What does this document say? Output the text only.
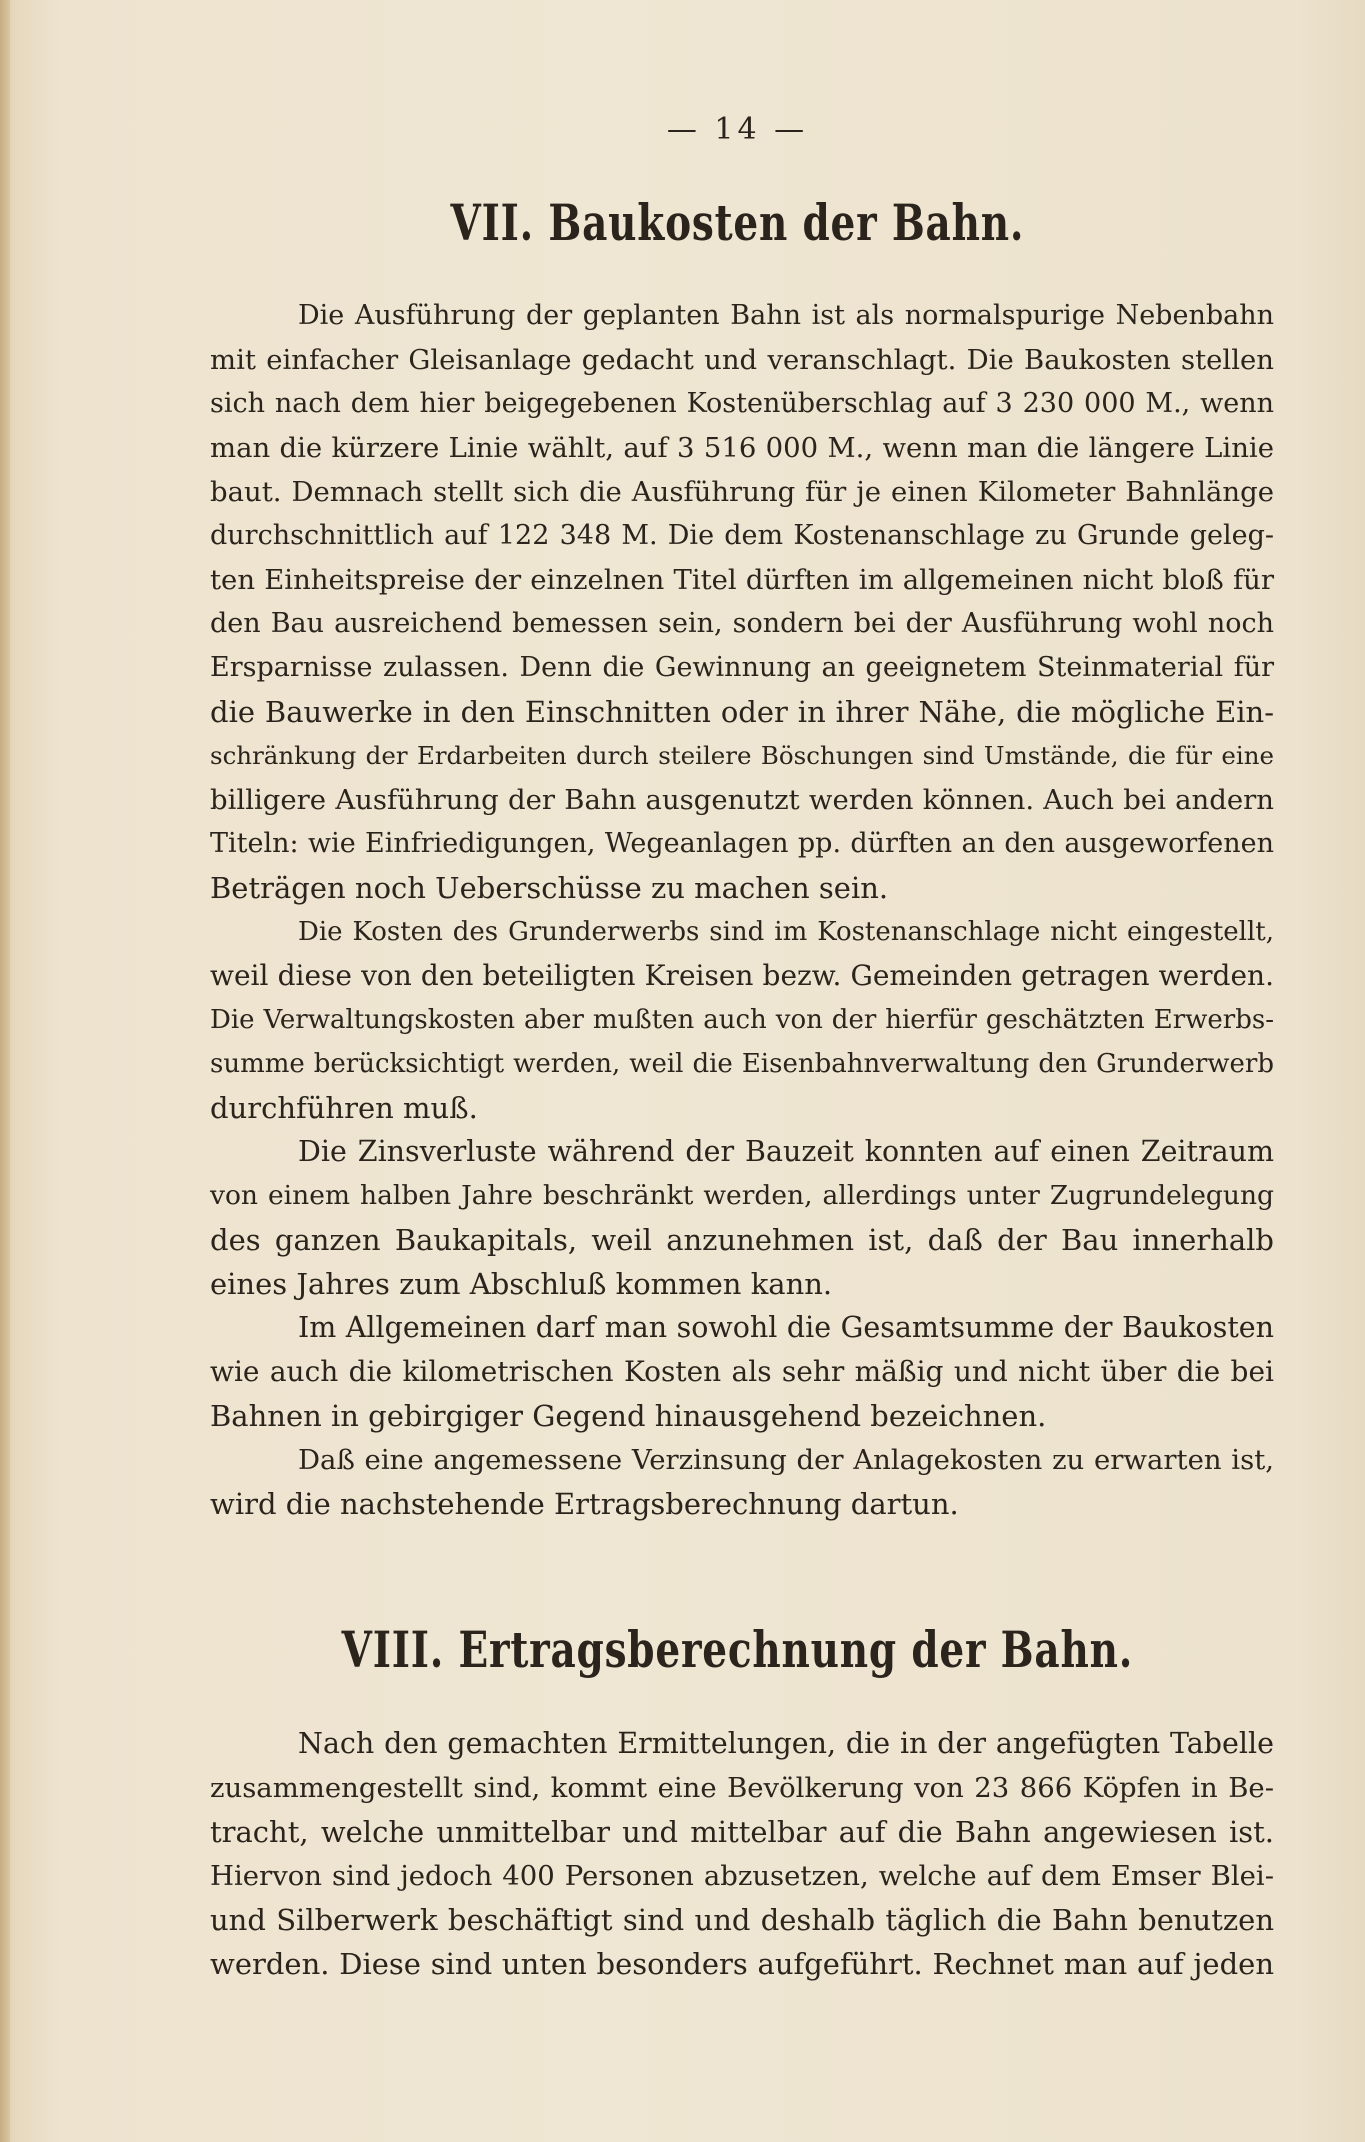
— 14 —
VII. Baukosten der Bahn.
Die Ausführung der geplanten Bahn ist als normalspurige Nebenbahn
mit einfacher Gleisanlage gedacht und veranschlagt. Die Baukosten stellen
sich nach dem hier beigegebenen Kostenüberschlag auf 3 230 000 M., wenn
man die kürzere Linie wählt, auf 3 516 000 M., wenn man die längere Linie
baut. Demnach stellt sich die Ausführung für je einen Kilometer Bahnlänge
durchschnittlich auf 122 348 M. Die dem Kostenanschlage zu Grunde geleg-
ten Einheitspreise der einzelnen Titel dürften im allgemeinen nicht bloß für
den Bau ausreichend bemessen sein, sondern bei der Ausführung wohl noch
Ersparnisse zulassen. Denn die Gewinnung an geeignetem Steinmaterial für
die Bauwerke in den Einschnitten oder in ihrer Nähe, die mögliche Ein-
schränkung der Erdarbeiten durch steilere Böschungen sind Umstände, die für eine
billigere Ausführung der Bahn ausgenutzt werden können. Auch bei andern
Titeln: wie Einfriedigungen, Wegeanlagen pp. dürften an den ausgeworfenen
Beträgen noch Ueberschüsse zu machen sein.
Die Kosten des Grunderwerbs sind im Kostenanschlage nicht eingestellt,
weil diese von den beteiligten Kreisen bezw. Gemeinden getragen werden.
Die Verwaltungskosten aber mußten auch von der hierfür geschätzten Erwerbs-
summe berücksichtigt werden, weil die Eisenbahnverwaltung den Grunderwerb
durchführen muß.
Die Zinsverluste während der Bauzeit konnten auf einen Zeitraum
von einem halben Jahre beschränkt werden, allerdings unter Zugrundelegung
des ganzen Baukapitals, weil anzunehmen ist, daß der Bau innerhalb
eines Jahres zum Abschluß kommen kann.
Im Allgemeinen darf man sowohl die Gesamtsumme der Baukosten
wie auch die kilometrischen Kosten als sehr mäßig und nicht über die bei
Bahnen in gebirgiger Gegend hinausgehend bezeichnen.
Daß eine angemessene Verzinsung der Anlagekosten zu erwarten ist,
wird die nachstehende Ertragsberechnung dartun.
VIII. Ertragsberechnung der Bahn.
Nach den gemachten Ermittelungen, die in der angefügten Tabelle
zusammengestellt sind, kommt eine Bevölkerung von 23 866 Köpfen in Be-
tracht, welche unmittelbar und mittelbar auf die Bahn angewiesen ist.
Hiervon sind jedoch 400 Personen abzusetzen, welche auf dem Emser Blei-
und Silberwerk beschäftigt sind und deshalb täglich die Bahn benutzen
werden. Diese sind unten besonders aufgeführt. Rechnet man auf jeden
